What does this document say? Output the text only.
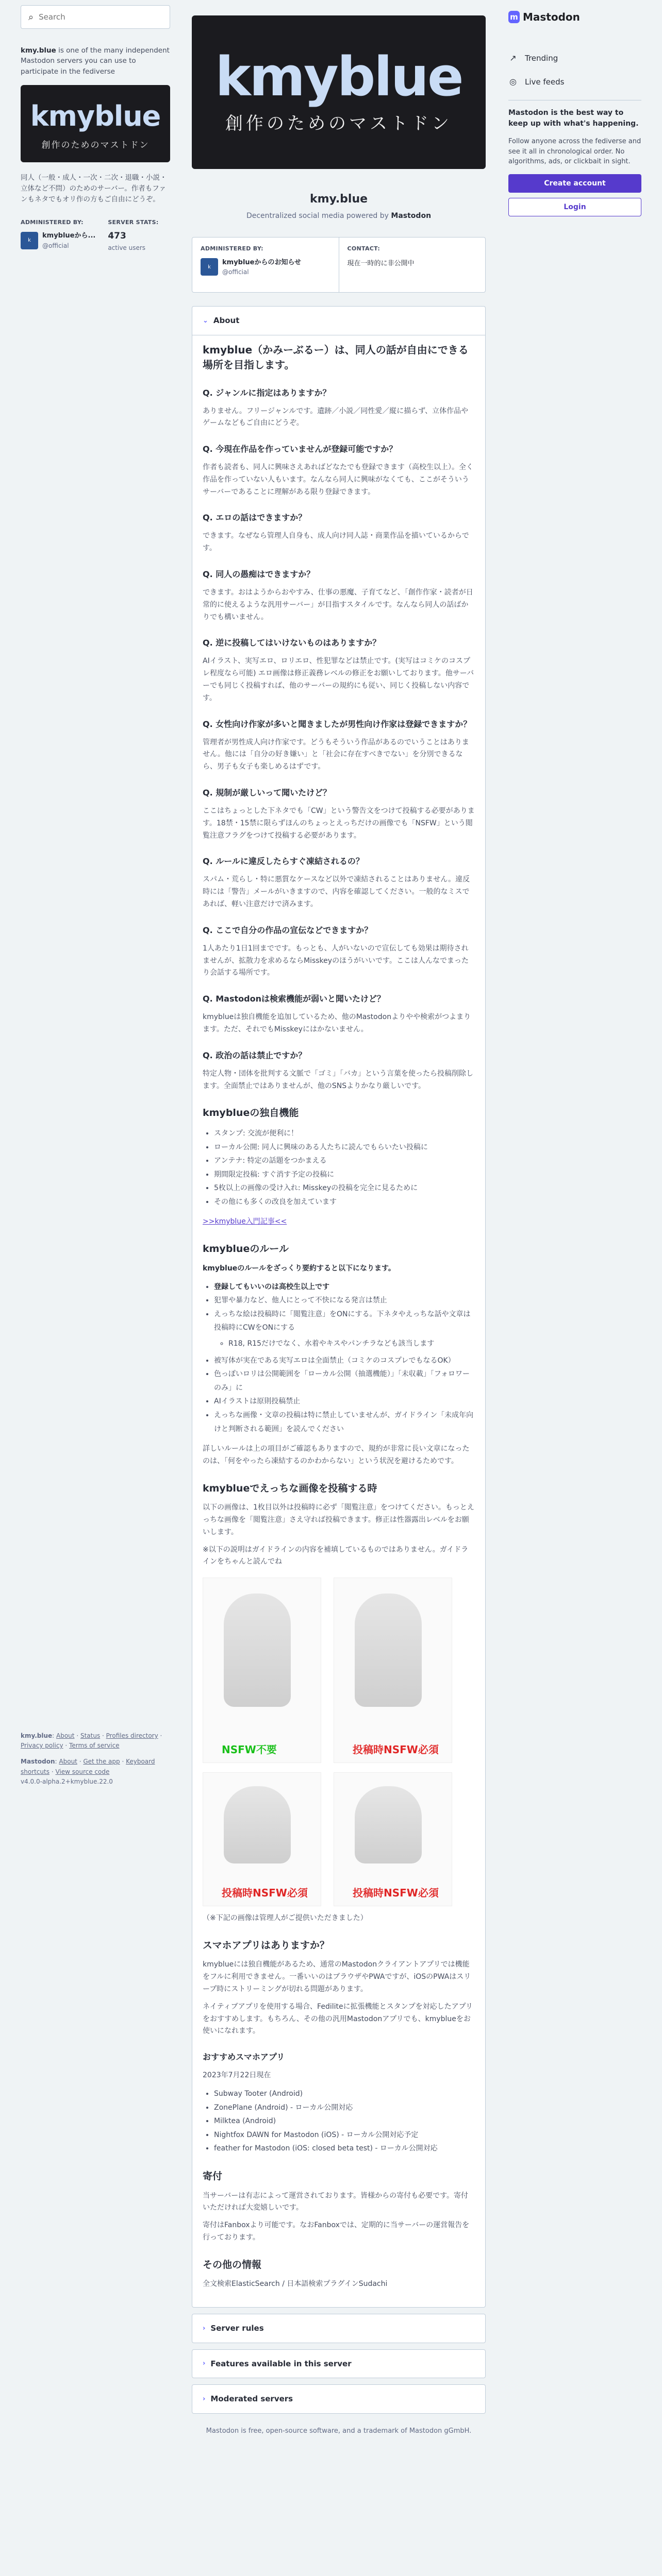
⌕
Search

kmy.blue is one of the many independent Mastodon servers you can use to participate in the fediverse

kmyblue
創作のためのマストドン

同人（一般・成人・一次・二次・退職・小説・立体など不問）のためのサーバー。作者もファンもネタでもオリ作の方もご自由にどうぞ。

ADMINISTERED BY:
k
kmyblueから...
@official
SERVER STATS:
473
active users
kmy.blue: About · Status · Profiles directory · Privacy policy · Terms of service
Mastodon: About · Get the app · Keyboard shortcuts · View source code
v4.0.0-alpha.2+kmyblue.22.0
kmyblue
創作のためのマストドン
kmy.blue
Decentralized social media powered by Mastodon
ADMINISTERED BY:
k
kmyblueからのお知らせ
@official
CONTACT:
現在一時的に非公開中
⌄ About
kmyblue（かみーぶるー）は、同人の話が自由にできる場所を目指します。
Q. ジャンルに指定はありますか？

ありません。フリージャンルです。遺跡／小説／同性愛／縦に描らず、立体作品やゲームなどもご自由にどうぞ。

Q. 今現在作品を作っていませんが登録可能ですか？

作者も読者も、同人に興味さえあればどなたでも登録できます（高校生以上）。全く作品を作っていない人もいます。なんなら同人に興味がなくても、ここがそういうサーバーであることに理解がある限り登録できます。

Q. エロの話はできますか？

できます。なぜなら管理人自身も、成人向け同人誌・商業作品を描いているからです。

Q. 同人の愚痴はできますか？

できます。おはようからおやすみ、仕事の悪魔、子育てなど、「創作作家・読者が日常的に使えるような汎用サーバー」が目指すスタイルです。なんなら同人の話ばかりでも構いません。

Q. 逆に投稿してはいけないものはありますか？

AIイラスト、実写エロ、ロリエロ、性犯罪などは禁止です。(実写はコミケのコスプレ程度なら可能) エロ画像は修正義務レベルの修正をお願いしております。他サーバーでも同じく投稿すれば、他のサーバーの規約にも従い、同じく投稿しない内容です。

Q. 女性向け作家が多いと聞きましたが男性向け作家は登録できますか？

管理者が男性成人向け作家です。どうもそういう作品があるのでいうことはありません。他には「自分の好き嫌い」と「社会に存在すべきでない」を分別できるなら、男子も女子も楽しめるはずです。

Q. 規制が厳しいって聞いたけど？

ここはちょっとした下ネタでも「CW」という警告文をつけて投稿する必要があります。18禁・15禁に限らずほんのちょっとえっちだけの画像でも「NSFW」という閲覧注意フラグをつけて投稿する必要があります。

Q. ルールに違反したらすぐ凍結されるの？

スパム・荒らし・特に悪質なケースなど以外で凍結されることはありません。違反時には「警告」メールがいきますので、内容を確認してください。一般的なミスであれば、軽い注意だけで済みます。

Q. ここで自分の作品の宣伝などできますか？

1人あたり1日1回までです。もっとも、人がいないので宣伝しても効果は期待されませんが、拡散力を求めるならMisskeyのほうがいいです。ここは人んなでまったり会話する場所です。

Q. Mastodonは検索機能が弱いと聞いたけど？

kmyblueは独自機能を追加しているため、他のMastodonよりやや検索がつよまります。ただ、それでもMisskeyにはかないません。

Q. 政治の話は禁止ですか？

特定人物・団体を批判する文脈で「ゴミ」「バカ」という言葉を使ったら投稿削除します。全面禁止ではありませんが、他のSNSよりかなり厳しいです。

kmyblueの独自機能
• スタンプ: 交流が便利に！
• ローカル公開: 同人に興味のある人たちに読んでもらいたい投稿に
• アンテナ: 特定の話題をつかまえる
• 期間限定投稿: すぐ消す予定の投稿に
• 5枚以上の画像の受け入れ: Misskeyの投稿を完全に見るために
• その他にも多くの改良を加えています

>>kmyblue入門記事<<

kmyblueのルール

kmyblueのルールをざっくり要約すると以下になります。

• 登録してもいいのは高校生以上です
• 犯罪や暴力など、他人にとって不快になる発言は禁止
• えっちな絵は投稿時に「閲覧注意」をONにする。下ネタやえっちな話や文章は投稿時にCWをONにする
◦ R18, R15だけでなく、水着やキスやパンチラなども該当します
• 被写体が実在である実写エロは全面禁止（コミケのコスプレでもなるOK）
• 色っぽいロリは公開範囲を「ローカル公開（抽選機能）」「未収載」「フォロワーのみ」に
• AIイラストは原則投稿禁止
• えっちな画像・文章の投稿は特に禁止していませんが、ガイドライン「未成年向けと判断される範囲」を読んでください

詳しいルールは上の項目がご確認もありますので、規約が非常に長い文章になったのは、「何をやったら凍結するのかわからない」という状況を避けるためです。

kmyblueでえっちな画像を投稿する時

以下の画像は、1枚目以外は投稿時に必ず「閲覧注意」をつけてください。もっとえっちな画像を「閲覧注意」さえ守れば投稿できます。修正は性器露出レベルをお願いします。

※以下の説明はガイドラインの内容を補填しているものではありません。ガイドラインをちゃんと読んでね

NSFW不要	投稿時NSFW必須
投稿時NSFW必須	投稿時NSFW必須

（※下記の画像は管理人がご提供いただきました）

スマホアプリはありますか？

kmyblueには独自機能があるため、通常のMastodonクライアントアプリでは機能をフルに利用できません。一番いいのはブラウザやPWAですが、iOSのPWAはスリープ時にストリーミングが切れる問題があります。

ネイティブアプリを使用する場合、Fediliteに拡張機能とスタンプを対応したアプリをおすすめします。もちろん、その他の汎用Mastodonアプリでも、kmyblueをお使いになれます。

おすすめスマホアプリ

2023年7月22日現在

• Subway Tooter (Android)
• ZonePlane (Android) - ローカル公開対応
• Milktea (Android)
• Nightfox DAWN for Mastodon (iOS) - ローカル公開対応予定
• feather for Mastodon (iOS: closed beta test) - ローカル公開対応
寄付

当サーバーは有志によって運営されております。皆様からの寄付も必要です。寄付いただければ大変嬉しいです。

寄付はFanboxより可能です。なおFanboxでは、定期的に当サーバーの運営報告を行っております。

その他の情報

全文検索ElasticSearch / 日本語検索プラグインSudachi

› Server rules
› Features available in this server
› Moderated servers

Mastodon is free, open-source software, and a trademark of Mastodon gGmbH.

m Mastodon
↗ Trending
◎ Live feeds

Mastodon is the best way to keep up with what's happening.

Follow anyone across the fediverse and see it all in chronological order. No algorithms, ads, or clickbait in sight.

Create account
Login
